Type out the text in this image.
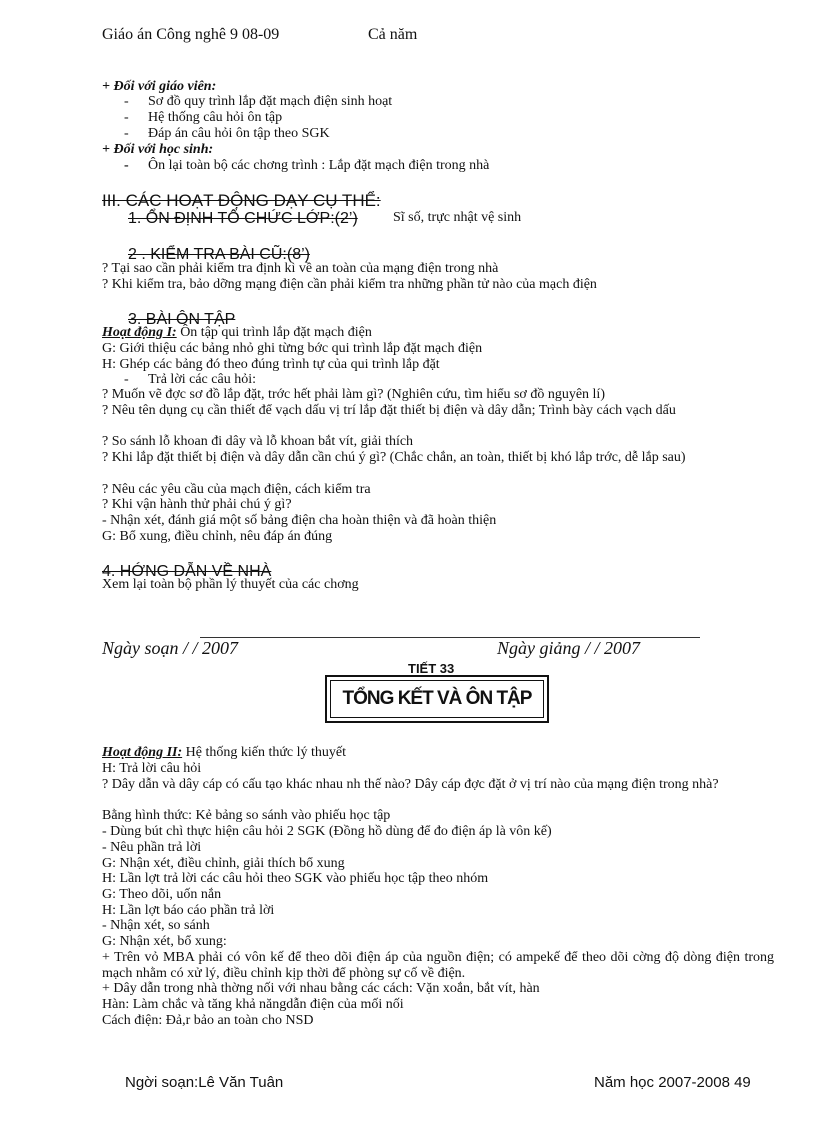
Giáo án Công nghê 9 08-09	Cả năm
+ Đối với giáo viên:
- Sơ đồ quy trình lắp đặt mạch điện sinh hoạt
- Hệ thống câu hỏi ôn tập
- Đáp án câu hỏi ôn tập theo SGK
+ Đối với học sinh:
- Ôn lại toàn bộ các chơng trình : Lắp đặt mạch điện trong nhà
III. CÁC HOẠT ĐỘNG DẠY CỤ THỂ:
1. ỔN ĐỊNH TỔ CHỨC LỚP:(2’)	Sĩ số, trực nhật vệ sinh
2 . KIỂM TRA BÀI CŨ:(8’)
? Tại sao cần phải kiểm tra định kì về an toàn của mạng điện trong nhà
? Khi kiểm tra, bảo dỡng mạng điện cần phải kiểm tra những phần tử nào của mạch điện
3. BÀI ÔN TẬP
Hoạt động I: Ôn tập qui trình lắp đặt mạch điện
G: Giới thiệu các bảng nhỏ ghi từng bớc qui trình lắp đặt mạch điện
H: Ghép các bảng đó theo đúng trình tự của qui trình lắp đặt
- Trả lời các câu hỏi:
? Muốn vẽ đợc sơ đồ lắp đặt, trớc hết phải làm gì? (Nghiên cứu, tìm hiểu sơ đồ nguyên lí)
? Nêu tên dụng cụ cần thiết để vạch dấu vị trí lắp đặt thiết bị điện và dây dẫn; Trình bày cách vạch dấu
? So sánh lỗ khoan đi dây và lỗ khoan bắt vít, giải thích
? Khi lắp đặt thiết bị điện và dây dẫn cần chú ý gì? (Chắc chắn, an toàn, thiết bị khó lắp trớc, dễ lắp sau)
? Nêu các yêu cầu của mạch điện, cách kiểm tra
? Khi vận hành thử phải chú ý gì?
- Nhận xét, đánh giá một số bảng điện cha hoàn thiện và đã hoàn thiện
G: Bổ xung, điều chỉnh, nêu đáp án đúng
4. HỚNG DẪN VỀ NHÀ
Xem lại toàn bộ phần lý thuyết của các chơng
Ngày soạn / / 2007	Ngày giảng / / 2007
TIẾT 33
TỔNG KẾT VÀ ÔN TẬP
Hoạt động II: Hệ thống kiến thức lý thuyết
H: Trả lời câu hỏi
? Dây dẫn và dây cáp có cấu tạo khác nhau nh thế nào? Dây cáp đợc đặt ở vị trí nào của mạng điện trong nhà?
Bằng hình thức: Kẻ bảng so sánh vào phiếu học tập
- Dùng bút chì thực hiện câu hỏi 2 SGK (Đồng hồ dùng để đo điện áp là vôn kế)
- Nêu phần trả lời
G: Nhận xét, điều chỉnh, giải thích bổ xung
H: Lần lợt trả lời các câu hỏi theo SGK vào phiếu học tập theo nhóm
G: Theo dõi, uốn nắn
H: Lần lợt báo cáo phần trả lời
- Nhận xét, so sánh
G: Nhận xét, bổ xung:
+ Trên vỏ MBA phải có vôn kế để theo dõi điện áp của nguồn điện; có ampekế để theo dõi cờng độ dòng điện trong mạch nhằm có xử lý, điều chỉnh kịp thời để phòng sự cố về điện.
+ Dây dẫn trong nhà thờng nối với nhau bằng các cách: Vặn xoắn, bắt vít, hàn
Hàn: Làm chắc và tăng khả năngdẫn điện của mối nối
Cách điện: Đả,r bảo an toàn cho NSD
Ngời soạn:Lê Văn Tuân	Năm học 2007-2008 49
